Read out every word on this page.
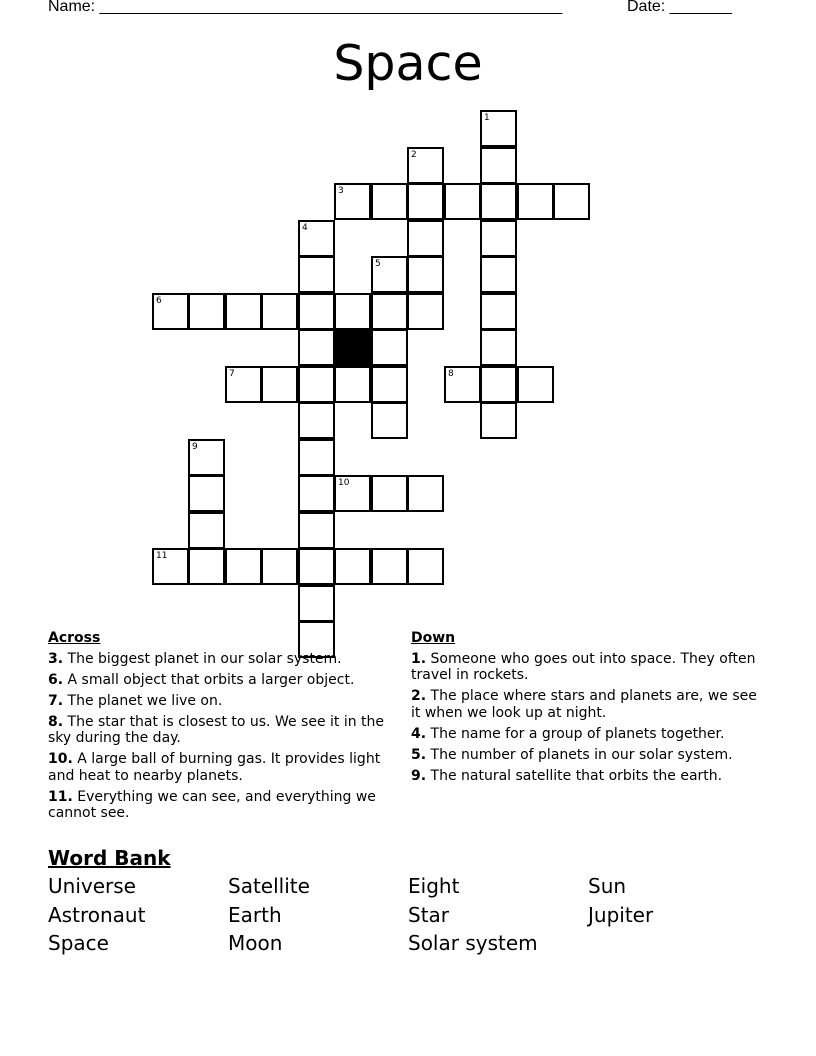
Name: ____________________________________________________	Date: _______
Space
1
2
3
4
5
6
7	8
9
10
11
Across
3. The biggest planet in our solar system.
6. A small object that orbits a larger object.
7. The planet we live on.
8. The star that is closest to us. We see it in the sky during the day.
10. A large ball of burning gas. It provides light and heat to nearby planets.
11. Everything we can see, and everything we cannot see.
Down
1. Someone who goes out into space. They often travel in rockets.
2. The place where stars and planets are, we see it when we look up at night.
4. The name for a group of planets together.
5. The number of planets in our solar system.
9. The natural satellite that orbits the earth.
Word Bank
Universe	Satellite	Eight	Sun
Astronaut	Earth	Star	Jupiter
Space	Moon	Solar system
